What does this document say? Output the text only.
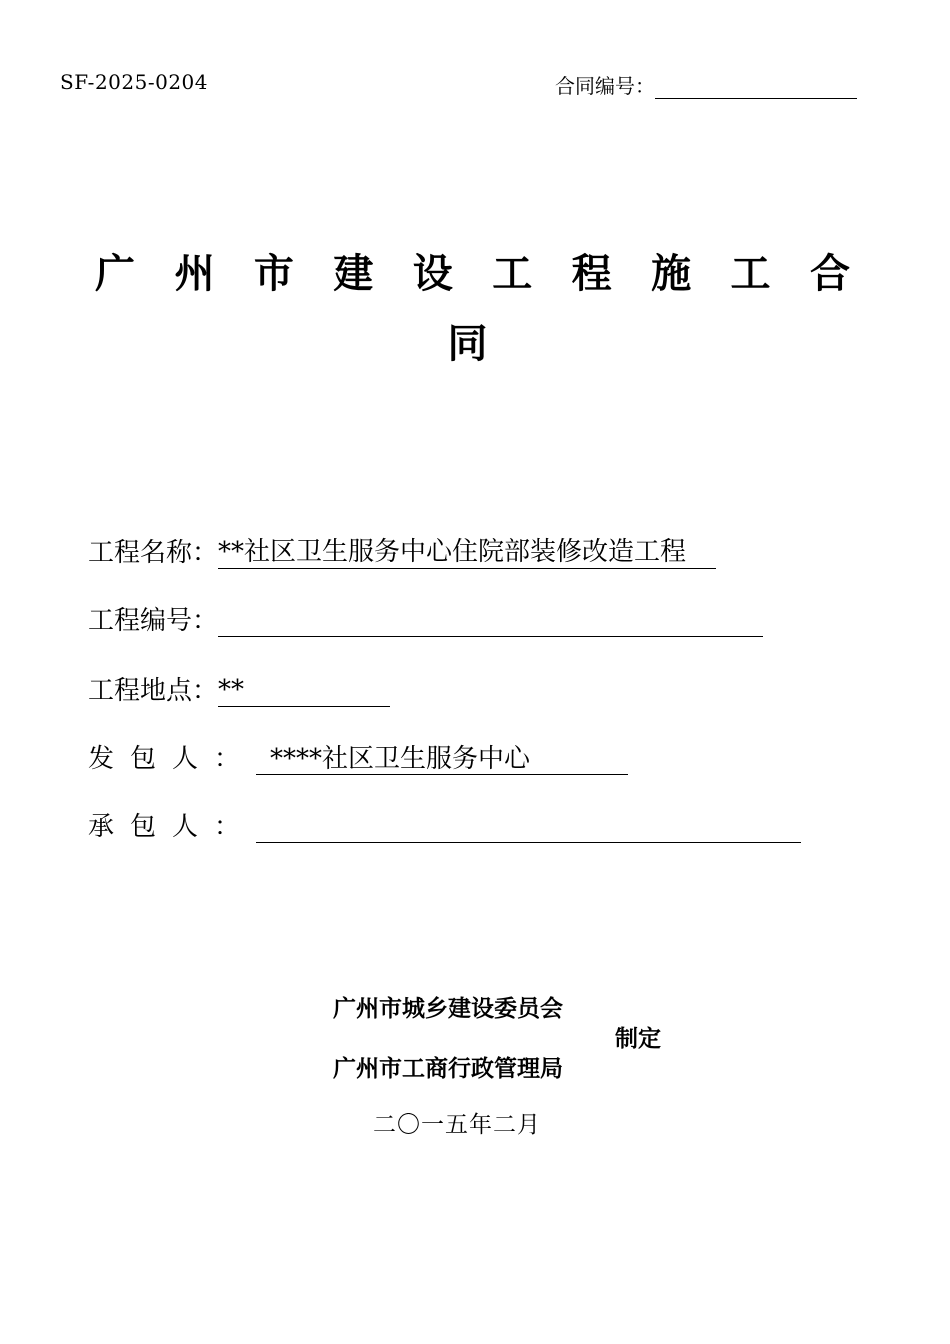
SF-2025-0204	合同编号：
广 州 市 建 设 工 程 施 工 合
同
工程名称： **社区卫生服务中心住院部装修改造工程
工程编号：
工程地点： **
发包人： ****社区卫生服务中心
承包人：
广州市城乡建设委员会
广州市工商行政管理局
制定
二〇一五年二月
